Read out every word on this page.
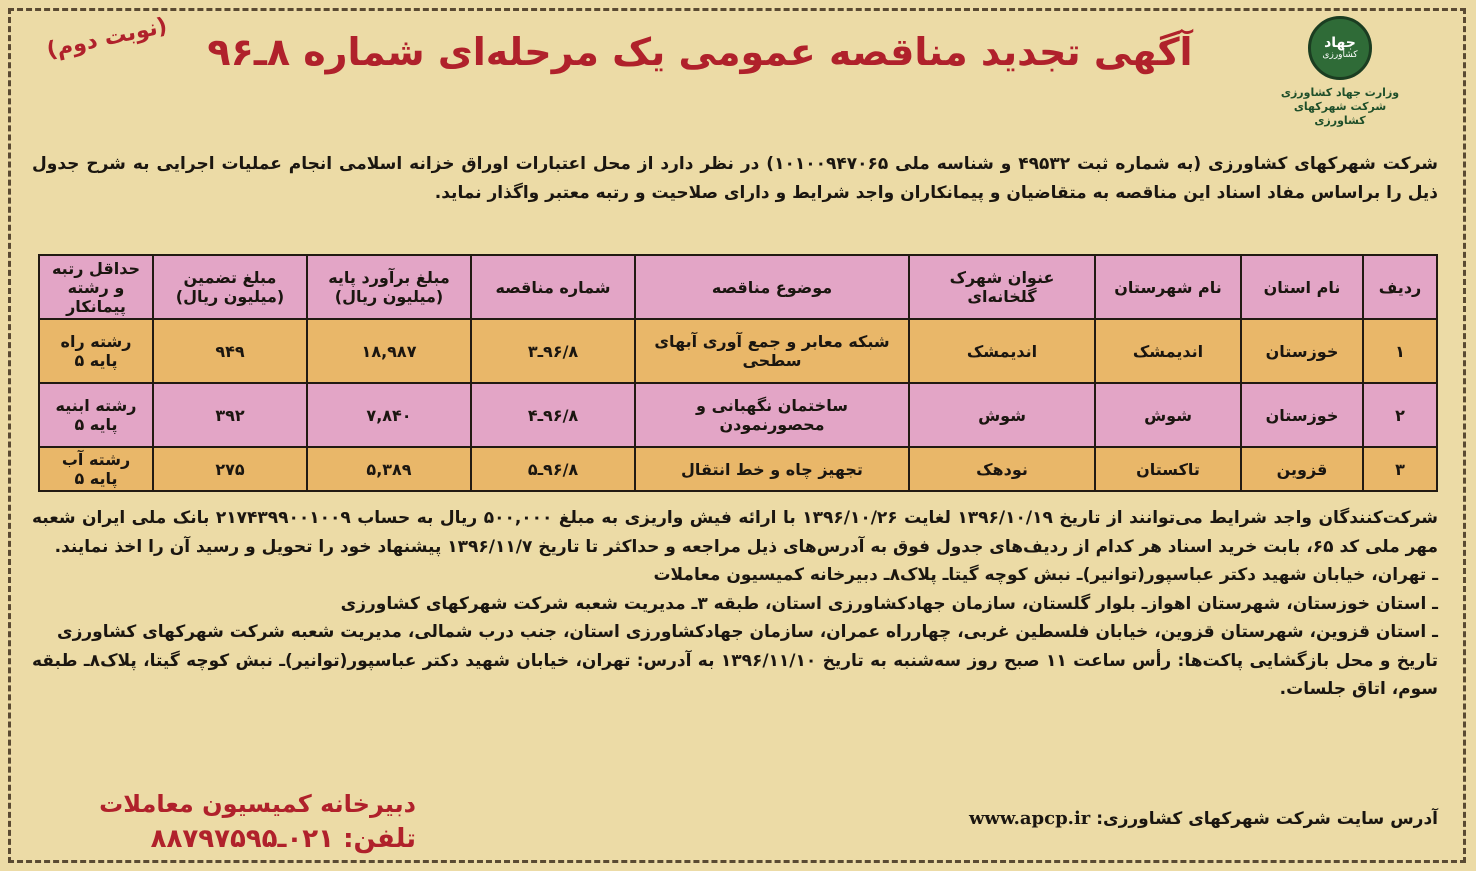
جهاد
کشاورزی
وزارت جهاد کشاورزی
شرکت شهرکهای کشاورزی
(نوبت دوم) آگهی تجدید مناقصه عمومی یک مرحله‌ای شماره ۸ـ۹۶
شرکت شهرکهای کشاورزی (به شماره ثبت ۴۹۵۳۲ و شناسه ملی ۱۰۱۰۰۹۴۷۰۶۵) در نظر دارد از محل اعتبارات اوراق خزانه اسلامی انجام عملیات اجرایی به شرح جدول ذیل را براساس مفاد اسناد این مناقصه به متقاضیان و پیمانکاران واجد شرایط و دارای صلاحیت و رتبه معتبر واگذار نماید.
ردیف	نام استان	نام شهرستان	عنوان شهرک گلخانه‌ای	موضوع مناقصه	شماره مناقصه	مبلغ برآورد پایه (میلیون ریال)	مبلغ تضمین (میلیون ریال)	حداقل رتبه و رشته پیمانکار
۱	خوزستان	اندیمشک	اندیمشک	شبکه معابر و جمع آوری آبهای سطحی	۹۶/۸ـ۳	۱۸,۹۸۷	۹۴۹	رشته راه پایه ۵
۲	خوزستان	شوش	شوش	ساختمان نگهبانی و محصورنمودن	۹۶/۸ـ۴	۷,۸۴۰	۳۹۲	رشته ابنیه پایه ۵
۳	قزوین	تاکستان	نودهک	تجهیز چاه و خط انتقال	۹۶/۸ـ۵	۵,۳۸۹	۲۷۵	رشته آب پایه ۵

شرکت‌کنندگان واجد شرایط می‌توانند از تاریخ ۱۳۹۶/۱۰/۱۹ لغایت ۱۳۹۶/۱۰/۲۶ با ارائه فیش واریزی به مبلغ ۵۰۰,۰۰۰ ریال به حساب ۲۱۷۴۳۹۹۰۰۱۰۰۹ بانک ملی ایران شعبه مهر ملی کد ۶۵، بابت خرید اسناد هر کدام از ردیف‌های جدول فوق به آدرس‌های ذیل مراجعه و حداکثر تا تاریخ ۱۳۹۶/۱۱/۷ پیشنهاد خود را تحویل و رسید آن را اخذ نمایند.

ـ تهران، خیابان شهید دکتر عباسپور(توانیر)ـ نبش کوچه گیتاـ پلاک۸ـ دبیرخانه کمیسیون معاملات

ـ استان خوزستان، شهرستان اهوازـ بلوار گلستان، سازمان جهادکشاورزی استان، طبقه ۳ـ مدیریت شعبه شرکت شهرکهای کشاورزی

ـ استان قزوین، شهرستان قزوین، خیابان فلسطین غربی، چهارراه عمران، سازمان جهادکشاورزی استان، جنب درب شمالی، مدیریت شعبه شرکت شهرکهای کشاورزی

تاریخ و محل بازگشایی پاکت‌ها: رأس ساعت ۱۱ صبح روز سه‌شنبه به تاریخ ۱۳۹۶/۱۱/۱۰ به آدرس: تهران، خیابان شهید دکتر عباسپور(توانیر)ـ نبش کوچه گیتا، پلاک۸ـ طبقه سوم، اتاق جلسات.

آدرس سایت شرکت شهرکهای کشاورزی: www.apcp.ir
دبیرخانه کمیسیون معاملات
تلفن: ۰۲۱ـ۸۸۷۹۷۵۹۵
